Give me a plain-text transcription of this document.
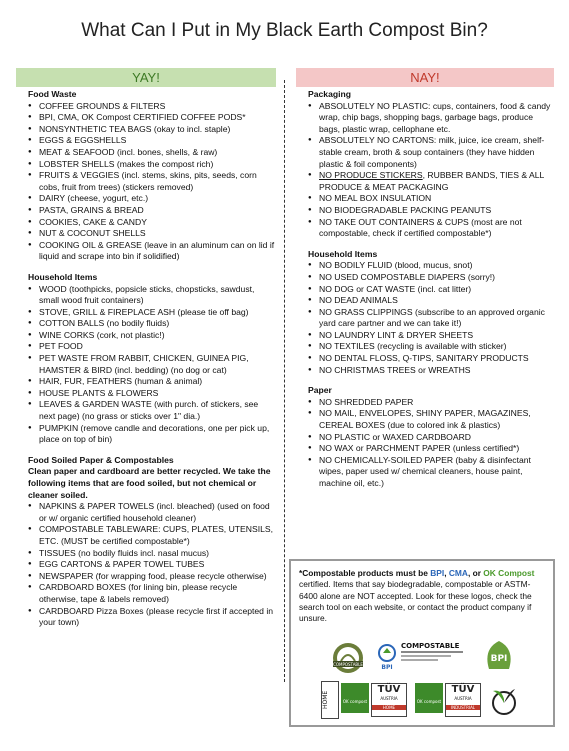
What Can I Put in My Black Earth Compost Bin?
YAY!
Food Waste
● COFFEE GROUNDS & FILTERS
● BPI, CMA, OK Compost CERTIFIED COFFEE PODS*
● NONSYNTHETIC TEA BAGS (okay to incl. staple)
● EGGS & EGGSHELLS
● MEAT & SEAFOOD (incl. bones, shells, & raw)
● LOBSTER SHELLS (makes the compost rich)
● FRUITS & VEGGIES (incl. stems, skins, pits, seeds, corn cobs, fruit from trees) (stickers removed)
● DAIRY (cheese, yogurt, etc.)
● PASTA, GRAINS & BREAD
● COOKIES, CAKE & CANDY
● NUT & COCONUT SHELLS
● COOKING OIL & GREASE (leave in an aluminum can on lid if liquid and scrape into bin if solidified)
Household Items
● WOOD (toothpicks, popsicle sticks, chopsticks, sawdust, small wood fruit containers)
● STOVE, GRILL & FIREPLACE ASH (please tie off bag)
● COTTON BALLS (no bodily fluids)
● WINE CORKS (cork, not plastic!)
● PET FOOD
● PET WASTE FROM RABBIT, CHICKEN, GUINEA PIG, HAMSTER & BIRD (incl. bedding) (no dog or cat)
● HAIR, FUR, FEATHERS (human & animal)
● HOUSE PLANTS & FLOWERS
● LEAVES & GARDEN WASTE (with purch. of stickers, see next page) (no grass or sticks over 1" dia.)
● PUMPKIN (remove candle and decorations, one per pick up, place on top of bin)
Food Soiled Paper & Compostables
Clean paper and cardboard are better recycled. We take the following items that are food soiled, but not chemical or cleaner soiled.
● NAPKINS & PAPER TOWELS (incl. bleached) (used on food or w/ organic certified household cleaner)
● COMPOSTABLE TABLEWARE: CUPS, PLATES, UTENSILS, ETC. (MUST be certified compostable*)
● TISSUES (no bodily fluids incl. nasal mucus)
● EGG CARTONS & PAPER TOWEL TUBES
● NEWSPAPER (for wrapping food, please recycle otherwise)
● CARDBOARD BOXES (for lining bin, please recycle otherwise, tape & labels removed)
● CARDBOARD Pizza Boxes (please recycle first if accepted in your town)
NAY!
Packaging
● ABSOLUTELY NO PLASTIC: cups, containers, food & candy wrap, chip bags, shopping bags, garbage bags, produce bags, plastic wrap, cellophane etc.
● ABSOLUTELY NO CARTONS: milk, juice, ice cream, shelf-stable cream, broth & soup containers (they have hidden plastic & foil components)
● NO PRODUCE STICKERS, RUBBER BANDS, TIES & ALL PRODUCE & MEAT PACKAGING
● NO MEAL BOX INSULATION
● NO BIODEGRADABLE PACKING PEANUTS
● NO TAKE OUT CONTAINERS & CUPS (most are not compostable, check if certified compostable*)
Household Items
● NO BODILY FLUID (blood, mucus, snot)
● NO USED COMPOSTABLE DIAPERS (sorry!)
● NO DOG or CAT WASTE (incl. cat litter)
● NO DEAD ANIMALS
● NO GRASS CLIPPINGS (subscribe to an approved organic yard care partner and we can take it!)
● NO LAUNDRY LINT & DRYER SHEETS
● NO TEXTILES (recycling is available with sticker)
● NO DENTAL FLOSS, Q-TIPS, SANITARY PRODUCTS
● NO CHRISTMAS TREES or WREATHS
Paper
● NO SHREDDED PAPER
● NO MAIL, ENVELOPES, SHINY PAPER, MAGAZINES, CEREAL BOXES (due to colored ink & plastics)
● NO PLASTIC or WAXED CARDBOARD
● NO WAX or PARCHMENT PAPER (unless certified*)
● NO CHEMICALLY-SOILED PAPER (baby & disinfectant wipes, paper used w/ chemical cleaners, house paint, machine oil, etc.)
*Compostable products must be BPI, CMA, or OK Compost certified. Items that say biodegradable, compostable or ASTM-6400 alone are NOT accepted. Look for these logos, check the search tool on each website, or contact the product company if unsure.
COMPOSTABLE	BPI
COMPOSTABLE
BPI
HOME	OK compost
TÜV
AUSTRIA
HOME
OK compost
TÜV
AUSTRIA
INDUSTRIAL
